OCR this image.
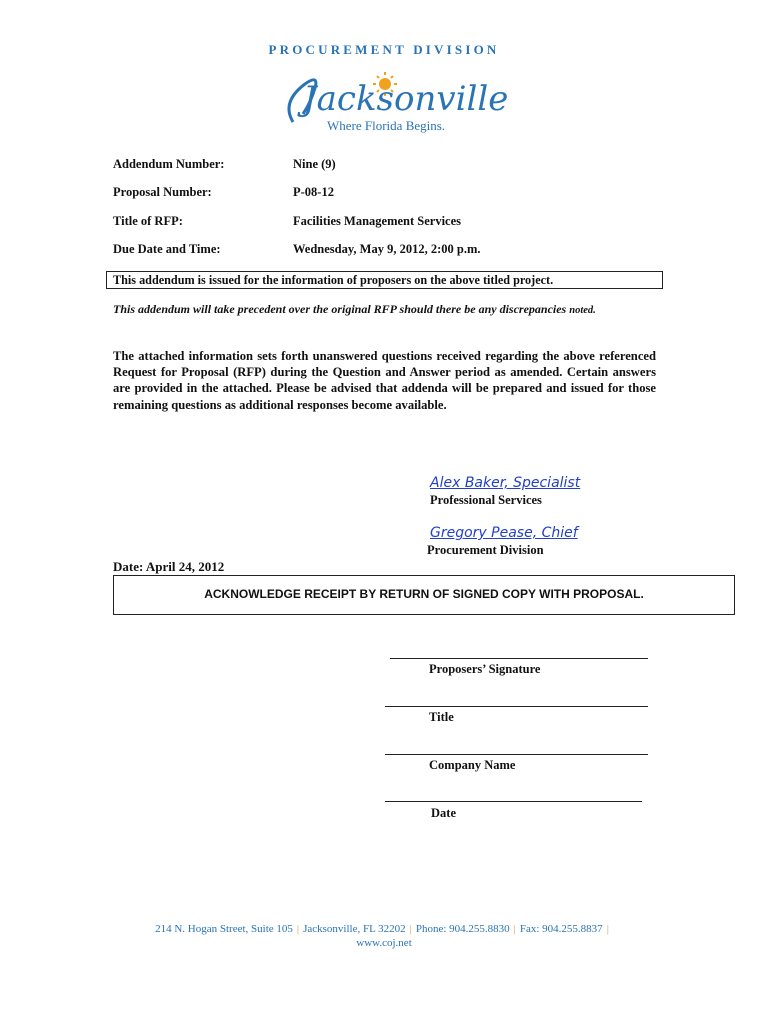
PROCUREMENT DIVISION
Jacksonville
Where Florida Begins.
Addendum Number:	Nine (9)
Proposal Number:	P-08-12
Title of RFP:	Facilities Management Services
Due Date and Time:	Wednesday, May 9, 2012, 2:00 p.m.
This addendum is issued for the information of proposers on the above titled project.
This addendum will take precedent over the original RFP should there be any discrepancies noted.
The attached information sets forth unanswered questions received regarding the above referenced Request for Proposal (RFP) during the Question and Answer period as amended. Certain answers are provided in the attached. Please be advised that addenda will be prepared and issued for those remaining questions as additional responses become available.
Alex Baker, Specialist
Professional Services
Gregory Pease, Chief
Procurement Division
Date: April 24, 2012
ACKNOWLEDGE RECEIPT BY RETURN OF SIGNED COPY WITH PROPOSAL.
Proposers’ Signature
Title
Company Name
Date
214 N. Hogan Street, Suite 105 | Jacksonville, FL 32202 | Phone: 904.255.8830 | Fax: 904.255.8837 |
www.coj.net
